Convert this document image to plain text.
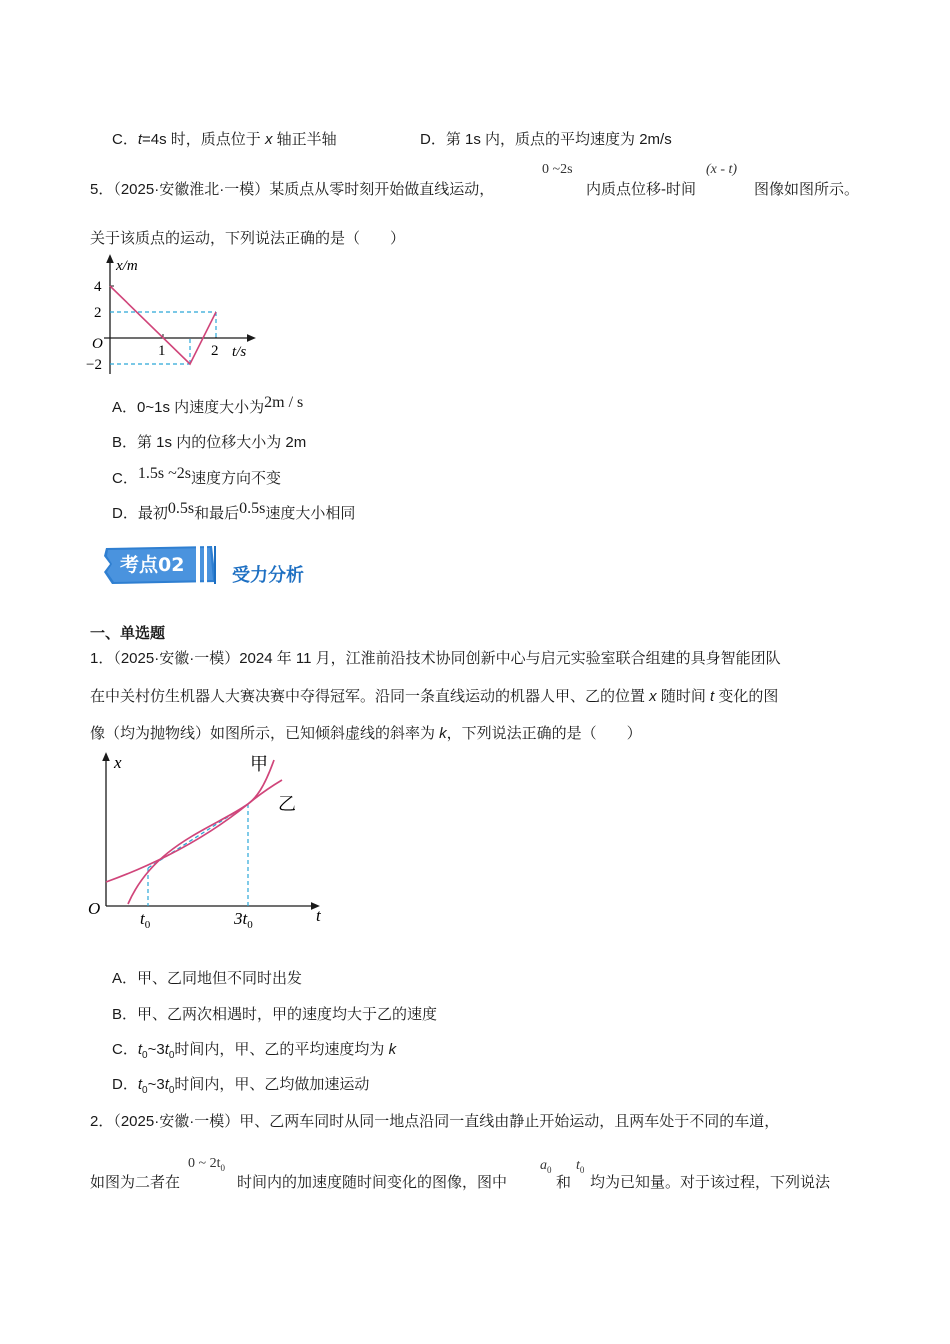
C．t=4s 时，质点位于 x 轴正半轴	D．第 1s 内，质点的平均速度为 2m/s
5．（2025·安徽淮北·一模）某质点从零时刻开始做直线运动，
0 ~2s
内质点位移-时间
(x - t)
图像如图所示。
关于该质点的运动，下列说法正确的是（　　）
x/m
t/s
O
4
2
−2
1	2
A．0~1s 内速度大小为2m / s
B．第 1s 内的位移大小为 2m
C．1.5s ~2s速度方向不变
D．最初0.5s和最后0.5s速度大小相同
考点02	受力分析
一、单选题
1．（2025·安徽·一模）2024 年 11 月，江淮前沿技术协同创新中心与启元实验室联合组建的具身智能团队
在中关村仿生机器人大赛决赛中夺得冠军。沿同一条直线运动的机器人甲、乙的位置 x 随时间 t 变化的图
像（均为抛物线）如图所示，已知倾斜虚线的斜率为 k，下列说法正确的是（　　）
x
t
O
甲
乙
$t_0$	$3t_0$
A．甲、乙同地但不同时出发
B．甲、乙两次相遇时，甲的速度均大于乙的速度
C．$t_0\sim 3t_0$时间内，甲、乙的平均速度均为 k
D．$t_0\sim 3t_0$时间内，甲、乙均做加速运动
2．（2025·安徽·一模）甲、乙两车同时从同一地点沿同一直线由静止开始运动，且两车处于不同的车道，
如图为二者在
0 ~ $2t_0$
时间内的加速度随时间变化的图像，图中
$a_0$
和
$t_0$
均为已知量。对于该过程，下列说法
